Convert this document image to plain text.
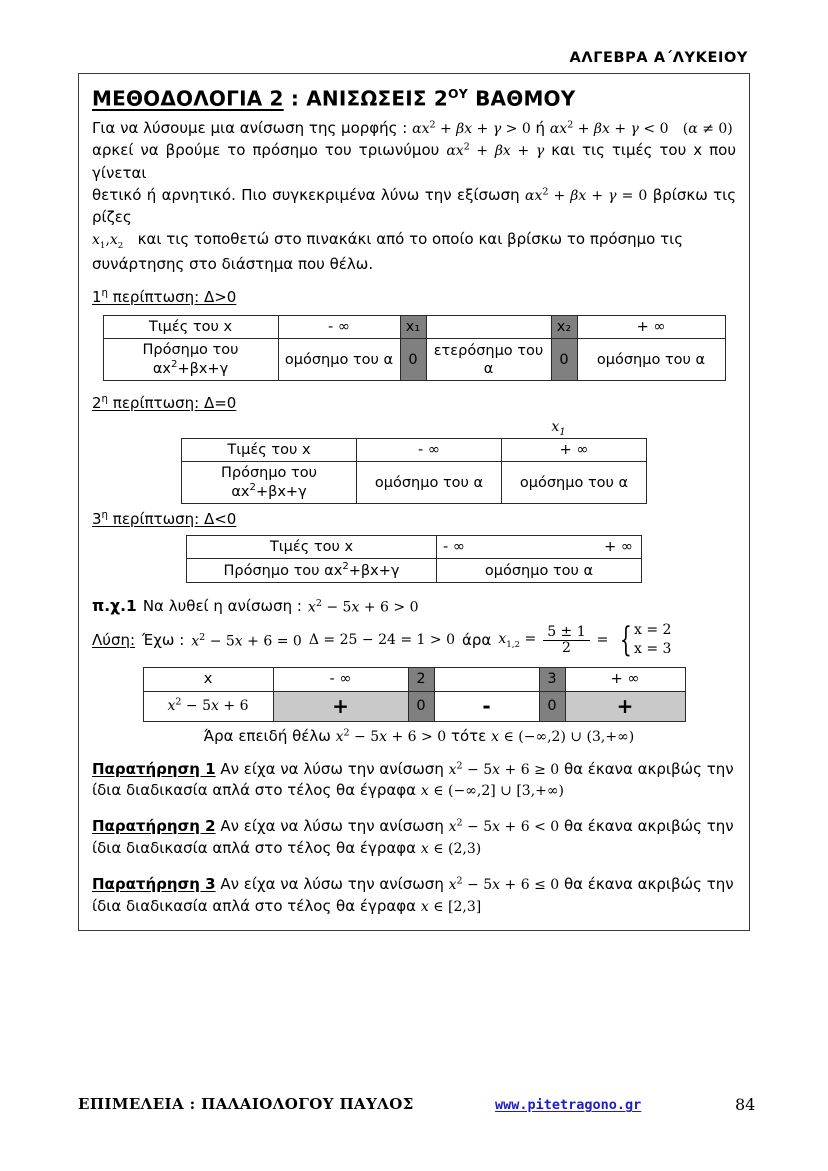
ΑΛΓΕΒΡΑ Α΄ΛΥΚΕΙΟΥ
ΜΕΘΟΔΟΛΟΓΙΑ 2 : ΑΝΙΣΩΣΕΙΣ $2^{O\Upsilon}$ ΒΑΘΜΟΥ
Για να λύσουμε μια ανίσωση της μορφής : $\alpha x^2 + \beta x + \gamma > 0$ ή $\alpha x^2 + \beta x + \gamma < 0$ (α ≠ 0)
αρκεί να βρούμε το πρόσημο του τριωνύμου $\alpha x^2 + \beta x + \gamma$ και τις τιμές του x που γίνεται
θετικό ή αρνητικό. Πιο συγκεκριμένα λύνω την εξίσωση $\alpha x^2 + \beta x + \gamma = 0$ βρίσκω τις ρίζες
$x_1,x_2$ και τις τοποθετώ στο πινακάκι από το οποίο και βρίσκω το πρόσημο τις
συνάρτησης στο διάστημα που θέλω.
$1^\eta$ περίπτωση: Δ>0
Τιμές του x	- ∞	x₁		x₂	+ ∞
Πρόσημο του
$\alpha x^2+\beta x+\gamma$	ομόσημο του α	0	ετερόσημο του α	0	ομόσημο του α
$2^\eta$ περίπτωση: Δ=0
$x_1$
Τιμές του x	- ∞	+ ∞
Πρόσημο του
$\alpha x^2+\beta x+\gamma$	ομόσημο του α	ομόσημο του α
$3^\eta$ περίπτωση: Δ<0
Τιμές του x	- ∞ + ∞

Πρόσημο του $\alpha x^2+\beta x+\gamma$	ομόσημο του α
π.χ.1 Να λυθεί η ανίσωση : $x^2 - 5x + 6 > 0$
Λύση: Έχω : $x^2 - 5x + 6 = 0$ Δ = 25 − 24 = 1 > 0 άρα $x_{1,2} = \frac{5 \pm 1}{2}$ = { x = 2
x = 3
x	- ∞	2		3	+ ∞
$x^2 - 5x + 6$	+	0	-	0	+
Άρα επειδή θέλω $x^2 - 5x + 6 > 0$ τότε x ∈ (−∞,2) ∪ (3,+∞)
Παρατήρηση 1 Αν είχα να λύσω την ανίσωση $x^2 - 5x + 6 \ge 0$ θα έκανα ακριβώς την ίδια διαδικασία απλά στο τέλος θα έγραφα x ∈ (−∞,2] ∪ [3,+∞)
Παρατήρηση 2 Αν είχα να λύσω την ανίσωση $x^2 - 5x + 6 < 0$ θα έκανα ακριβώς την ίδια διαδικασία απλά στο τέλος θα έγραφα x ∈ (2,3)
Παρατήρηση 3 Αν είχα να λύσω την ανίσωση $x^2 - 5x + 6 \le 0$ θα έκανα ακριβώς την ίδια διαδικασία απλά στο τέλος θα έγραφα x ∈ [2,3]
ΕΠΙΜΕΛΕΙΑ : ΠΑΛΑΙΟΛΟΓΟΥ ΠΑΥΛΟΣ	www.pitetragono.gr	84
